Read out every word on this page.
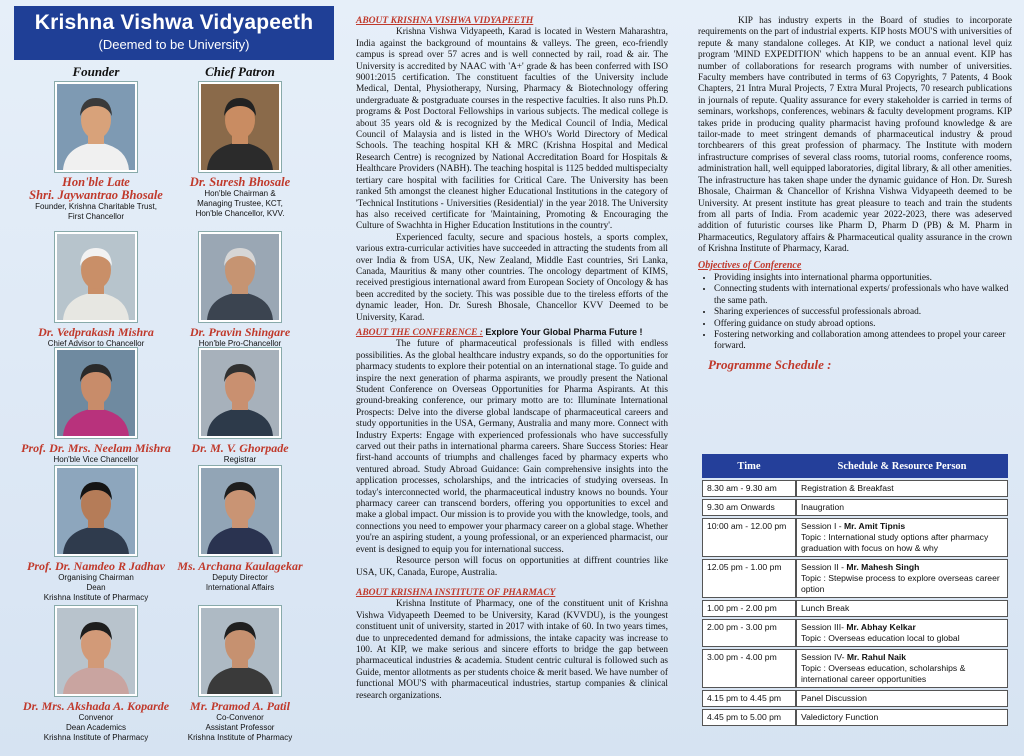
Krishna Vishwa Vidyapeeth
(Deemed to be University)
Founder	Chief Patron
Hon'ble Late
Shri. Jaywantrao Bhosale
Founder, Krishna Charitable Trust,
First Chancellor
Dr. Suresh Bhosale
Hon'ble Chairman &
Managing Trustee, KCT,
Hon'ble Chancellor, KVV.
Dr. Vedprakash Mishra
Chief Advisor to Chancellor
Dr. Pravin Shingare
Hon'ble Pro-Chancellor
Prof. Dr. Mrs. Neelam Mishra
Hon'ble Vice Chancellor
Dr. M. V. Ghorpade
Registrar
Prof. Dr. Namdeo R Jadhav
Organising Chairman
Dean
Krishna Institute of Pharmacy
Ms. Archana Kaulagekar
Deputy Director
International Affairs
Dr. Mrs. Akshada A. Koparde
Convenor
Dean Academics
Krishna Institute of Pharmacy
Mr. Pramod A. Patil
Co-Convenor
Assistant Professor
Krishna Institute of Pharmacy
ABOUT KRISHNA VISHWA VIDYAPEETH

Krishna Vishwa Vidyapeeth, Karad is located in Western Maharashtra, India against the background of mountains & valleys. The green, eco-friendly campus is spread over 57 acres and is well connected by rail, road & air. The University is accredited by NAAC with 'A+' grade & has been conferred with ISO 9001:2015 certification. The constituent faculties of the University include Medical, Dental, Physiotherapy, Nursing, Pharmacy & Biotechnology offering undergraduate & postgraduate courses in the respective faculties. It also runs Ph.D. programs & Post Doctoral Fellowships in various subjects. The medical college is about 35 years old & is recognized by the Medical Council of India, Medical Council of Malaysia and is listed in the WHO's World Directory of Medical Schools. The teaching hospital KH & MRC (Krishna Hospital and Medical Research Centre) is recognized by National Accreditation Board for Hospitals & Healthcare Providers (NABH). The teaching hospital is 1125 bedded multispecialty tertiary care hospital with facilities for Critical Care. The University has been ranked 5th amongst the cleanest higher Educational Institutions in the category of 'Technical Institutions - Universities (Residential)' in the year 2018. The University has also received certificate for 'Maintaining, Promoting & Encouraging the Culture of Swachhta in Higher Education Institutions in the country'.

Experienced faculty, secure and spacious hostels, a sports complex, various extra-curricular activities have succeeded in attracting the students from all over India & from USA, UK, New Zealand, Middle East countries, Sri Lanka, Canada, Mauritius & many other countries. The oncology department of KIMS, received prestigious international award from European Society of Oncology & has been accredited by the society. This was possible due to the tireless efforts of the dynamic leader, Hon. Dr. Suresh Bhosale, Chancellor KVV Deemed to be University, Karad.

ABOUT THE CONFERENCE : Explore Your Global Pharma Future !

The future of pharmaceutical professionals is filled with endless possibilities. As the global healthcare industry expands, so do the opportunities for pharmacy students to explore their potential on an international stage. To guide and inspire the next generation of pharma aspirants, we proudly present the National Student Conference on Overseas Opportunities for Pharma Aspirants. At this ground-breaking conference, our primary motto are to: Illuminate International Prospects: Delve into the diverse global landscape of pharmaceutical careers and study opportunities in the USA, Germany, Australia and many more. Connect with Industry Experts: Engage with experienced professionals who have successfully carved out their paths in international pharma careers. Share Success Stories: Hear first-hand accounts of triumphs and challenges faced by pharmacy experts who ventured abroad. Study Abroad Guidance: Gain comprehensive insights into the application processes, scholarships, and the intricacies of studying overseas. In today's interconnected world, the pharmaceutical industry knows no bounds. Your pharmacy career can transcend borders, offering you opportunities to excel and make a global impact. Our mission is to provide you with the knowledge, tools, and connections you need to empower your pharmacy career on a global stage. Whether you're an aspiring student, a young professional, or an experienced pharmacist, our event is designed to equip you for international success.

Resource person will focus on opportunities at diffrent countries like USA, UK, Canada, Europe, Australia.

ABOUT KRISHNA INSTITUTE OF PHARMACY

Krishna Institute of Pharmacy, one of the constituent unit of Krishna Vishwa Vidyapeeth Deemed to be University, Karad (KVVDU), is the youngest constituent unit of university, started in 2017 with intake of 60. In two years times, due to unprecedented demand for admissions, the intake capacity was increase to 100. At KIP, we make serious and sincere efforts to bridge the gap between pharmaceutical industries & academia. Student centric cultural is followed such as Guide, mentor allotments as per students choice & merit based. We have number of functional MOU'S with pharmaceutical industries, startup companies & clinical research organizations.

KIP has industry experts in the Board of studies to incorporate requirements on the part of industrial experts. KIP hosts MOU'S with universities of repute & many standalone colleges. At KIP, we conduct a national level quiz program 'MIND EXPEDITION' which happens to be an annual event. KIP has number of collaborations for research programs with number of universities. Faculty members have contributed in terms of 63 Copyrights, 7 Patents, 4 Book Chapters, 21 Intra Mural Projects, 7 Extra Mural Projects, 70 research publications in journals of repute. Quality assurance for every stakeholder is carried in terms of seminars, workshops, conferences, webinars & faculty development programs. KIP takes pride in producing quality pharmacist having profound knowledge & are tailor-made to meet stringent demands of pharmaceutical industry & proud torchbearers of this great profession of pharmacy. The Institute with modern infrastructure comprises of several class rooms, tutorial rooms, conference rooms, administration hall, well equipped laboratories, digital library, & all other amenities. The infrastructure has taken shape under the dynamic guidance of Hon. Dr. Suresh Bhosale, Chairman & Chancellor of Krishna Vishwa Vidyapeeth deemed to be University. At present institute has great pleasure to teach and train the students from all parts of India. From academic year 2022-2023, there was adeserved addition of futuristic courses like Pharm D, Pharm D (PB) & M. Pharm in Pharmaceutics, Regulatory affairs & Pharmaceutical quality assurance in the crown of Krishna Institute of Pharmacy, Karad.

Objectives of Conference
• Providing insights into international pharma opportunities.
• Connecting students with international experts/ professionals who have walked the same path.
• Sharing experiences of successful professionals abroad.
• Offering guidance on study abroad options.
• Fostering networking and collaboration among attendees to propel your career forward.
Programme Schedule :
Time	Schedule & Resource Person
8.30 am - 9.30 am	Registration & Breakfast
9.30 am Onwards	Inaugration
10:00 am - 12.00 pm	Session I - Mr. Amit Tipnis
Topic : International study options after pharmacy graduation with focus on how & why

12.05 pm - 1.00 pm	Session II - Mr. Mahesh Singh
Topic : Stepwise process to explore overseas career option

1.00 pm - 2.00 pm	Lunch Break
2.00 pm - 3.00 pm	Session III- Mr. Abhay Kelkar
Topic : Overseas education local to global

3.00 pm - 4.00 pm	Session IV- Mr. Rahul Naik
Topic : Overseas education, scholarships & international career opportunities

4.15 pm to 4.45 pm	Panel Discussion
4.45 pm to 5.00 pm	Valedictory Function
